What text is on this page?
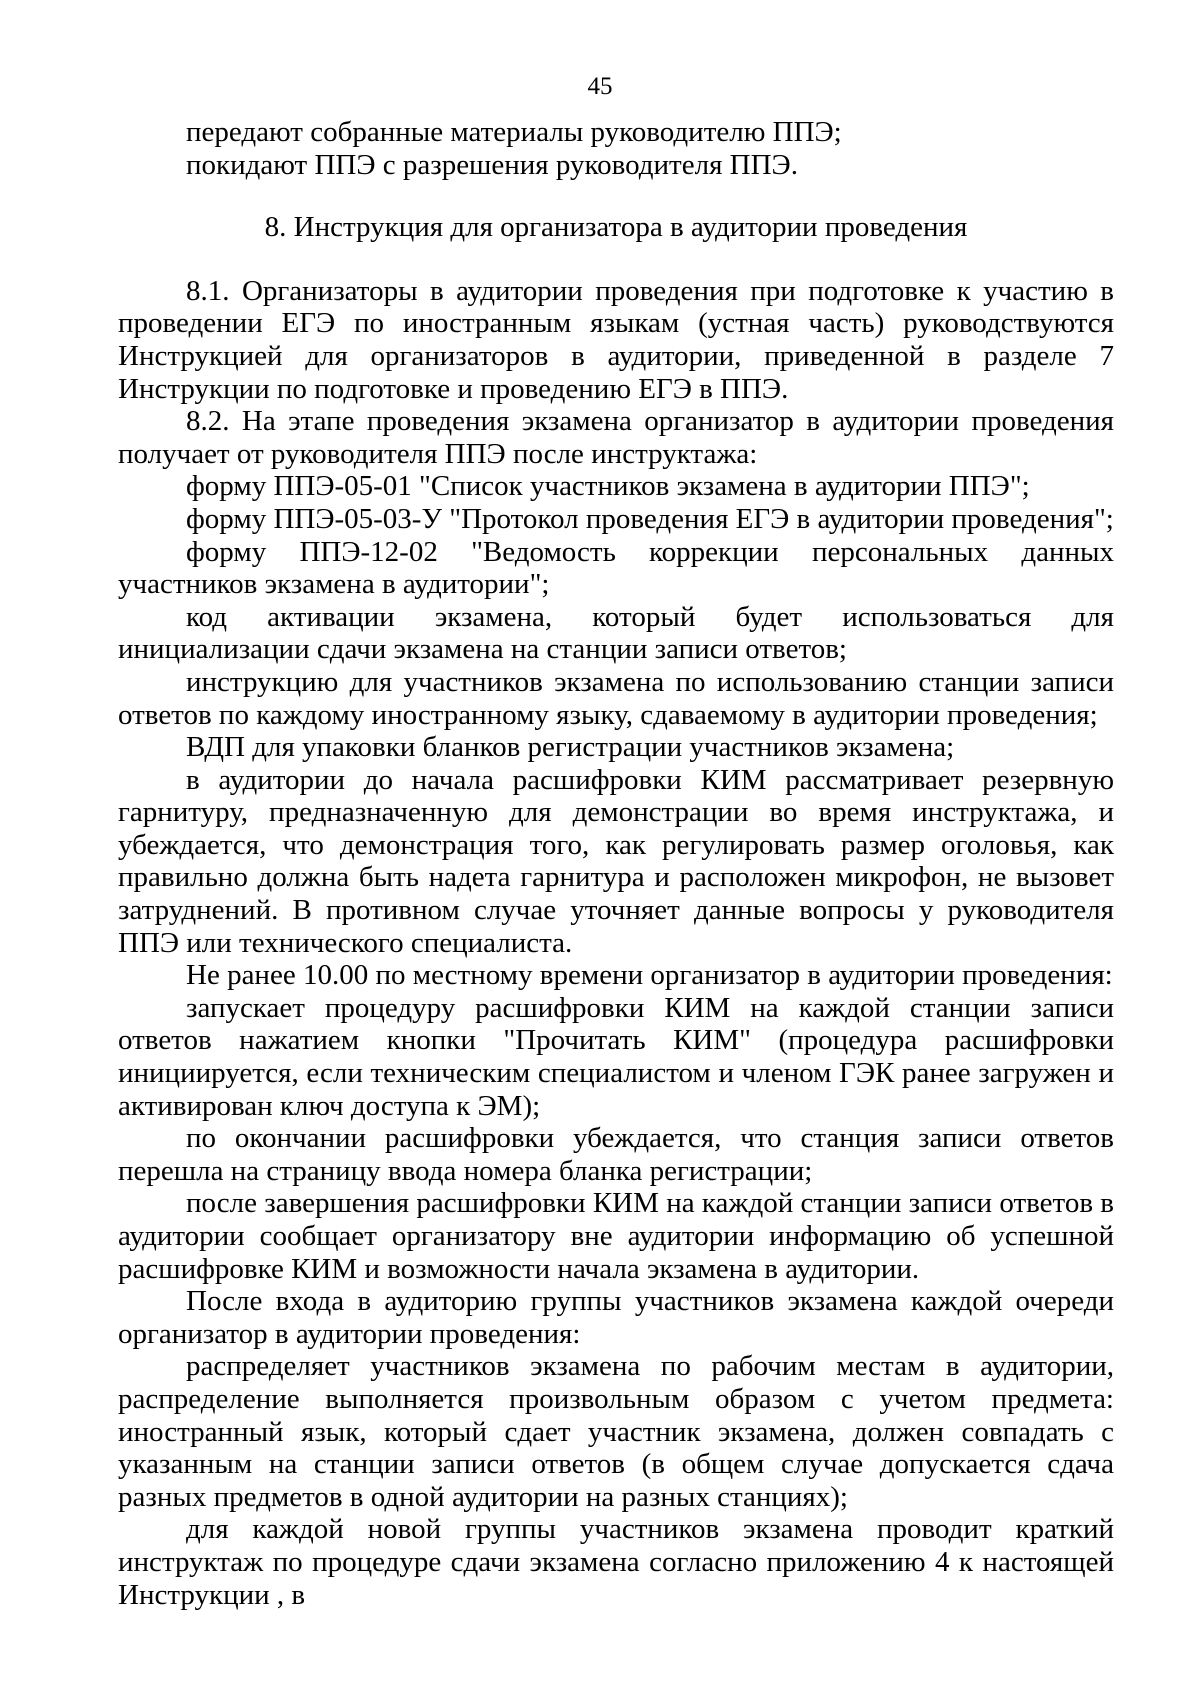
45

передают собранные материалы руководителю ППЭ;

покидают ППЭ с разрешения руководителя ППЭ.

8. Инструкция для организатора в аудитории проведения

8.1. Организаторы в аудитории проведения при подготовке к участию в проведении ЕГЭ по иностранным языкам (устная часть) руководствуются Инструкцией для организаторов в аудитории, приведенной в разделе 7 Инструкции по подготовке и проведению ЕГЭ в ППЭ.

8.2. На этапе проведения экзамена организатор в аудитории проведения получает от руководителя ППЭ после инструктажа:

форму ППЭ-05-01 "Список участников экзамена в аудитории ППЭ";

форму ППЭ-05-03-У "Протокол проведения ЕГЭ в аудитории проведения";

форму ППЭ-12-02 "Ведомость коррекции персональных данных участников экзамена в аудитории";

код активации экзамена, который будет использоваться для инициализации сдачи экзамена на станции записи ответов;

инструкцию для участников экзамена по использованию станции записи ответов по каждому иностранному языку, сдаваемому в аудитории проведения;

ВДП для упаковки бланков регистрации участников экзамена;

в аудитории до начала расшифровки КИМ рассматривает резервную гарнитуру, предназначенную для демонстрации во время инструктажа, и убеждается, что демонстрация того, как регулировать размер оголовья, как правильно должна быть надета гарнитура и расположен микрофон, не вызовет затруднений. В противном случае уточняет данные вопросы у руководителя ППЭ или технического специалиста.

Не ранее 10.00 по местному времени организатор в аудитории проведения:

запускает процедуру расшифровки КИМ на каждой станции записи ответов нажатием кнопки "Прочитать КИМ" (процедура расшифровки инициируется, если техническим специалистом и членом ГЭК ранее загружен и активирован ключ доступа к ЭМ);

по окончании расшифровки убеждается, что станция записи ответов перешла на страницу ввода номера бланка регистрации;

после завершения расшифровки КИМ на каждой станции записи ответов в аудитории сообщает организатору вне аудитории информацию об успешной расшифровке КИМ и возможности начала экзамена в аудитории.

После входа в аудиторию группы участников экзамена каждой очереди организатор в аудитории проведения:

распределяет участников экзамена по рабочим местам в аудитории, распределение выполняется произвольным образом с учетом предмета: иностранный язык, который сдает участник экзамена, должен совпадать с указанным на станции записи ответов (в общем случае допускается сдача разных предметов в одной аудитории на разных станциях);

для каждой новой группы участников экзамена проводит краткий инструктаж по процедуре сдачи экзамена согласно приложению 4 к настоящей Инструкции , в
